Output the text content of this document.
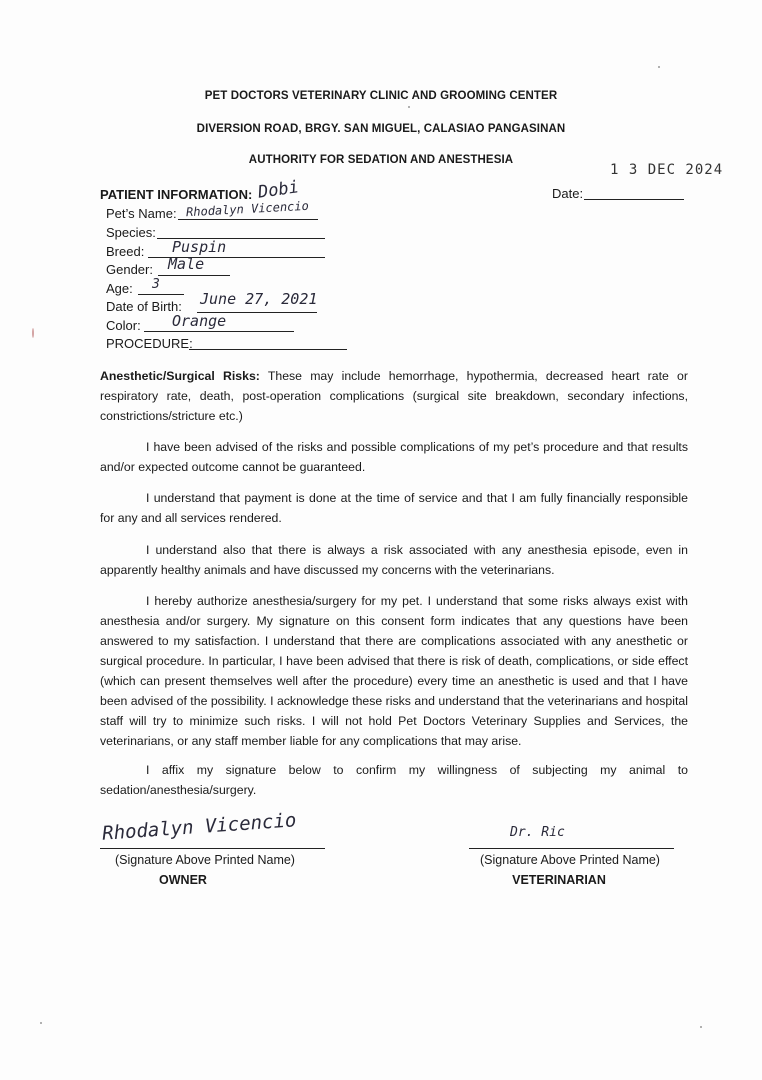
PET DOCTORS VETERINARY CLINIC AND GROOMING CENTER
DIVERSION ROAD, BRGY. SAN MIGUEL, CALASIAO PANGASINAN
AUTHORITY FOR SEDATION AND ANESTHESIA
1 3 DEC 2024
Date:
PATIENT INFORMATION: Dobi
Pet’s Name: Rhodalyn Vicencio
Species:
Breed: Puspin
Gender: Male
Age: 3
Date of Birth: June 27, 2021
Color: Orange
PROCEDURE:
Anesthetic/Surgical Risks: These may include hemorrhage, hypothermia, decreased heart rate or respiratory rate, death, post-operation complications (surgical site breakdown, secondary infections, constrictions/stricture etc.)
I have been advised of the risks and possible complications of my pet’s procedure and that results and/or expected outcome cannot be guaranteed.
I understand that payment is done at the time of service and that I am fully financially responsible for any and all services rendered.
I understand also that there is always a risk associated with any anesthesia episode, even in apparently healthy animals and have discussed my concerns with the veterinarians.
I hereby authorize anesthesia/surgery for my pet. I understand that some risks always exist with anesthesia and/or surgery. My signature on this consent form indicates that any questions have been answered to my satisfaction. I understand that there are complications associated with any anesthetic or surgical procedure. In particular, I have been advised that there is risk of death, complications, or side effect (which can present themselves well after the procedure) every time an anesthetic is used and that I have been advised of the possibility. I acknowledge these risks and understand that the veterinarians and hospital staff will try to minimize such risks. I will not hold Pet Doctors Veterinary Supplies and Services, the veterinarians, or any staff member liable for any complications that may arise.
I affix my signature below to confirm my willingness of subjecting my animal to sedation/anesthesia/surgery.
Rhodalyn Vicencio
(Signature Above Printed Name)
OWNER
Dr. Ric
(Signature Above Printed Name)
VETERINARIAN
